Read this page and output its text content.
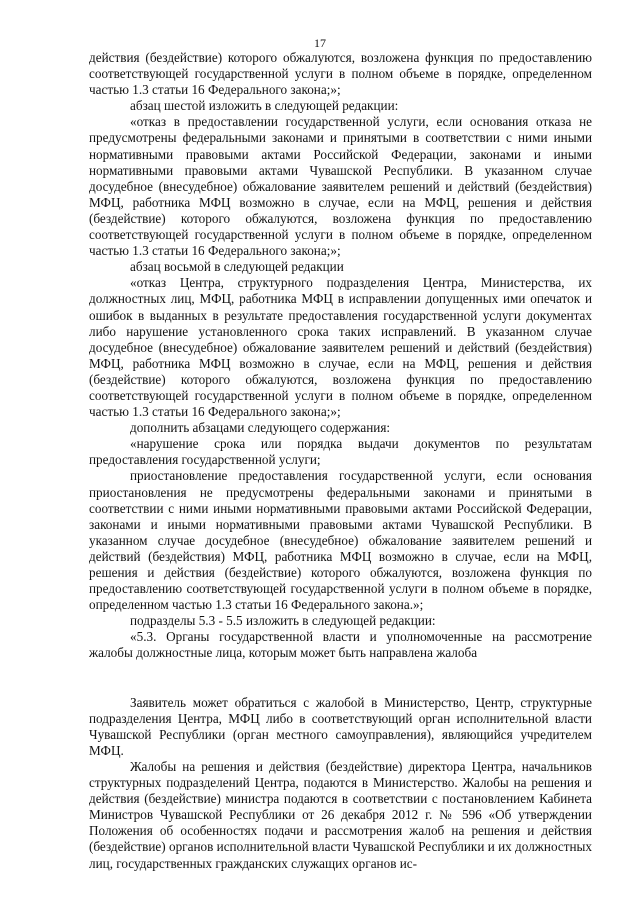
17

действия (бездействие) которого обжалуются, возложена функция по предоставлению соответствующей государственной услуги в полном объеме в порядке, определенном частью 1.3 статьи 16 Федерального закона;»;

абзац шестой изложить в следующей редакции:

«отказ в предоставлении государственной услуги, если основания отказа не предусмотрены федеральными законами и принятыми в соответствии с ними иными нормативными правовыми актами Российской Федерации, законами и иными нормативными правовыми актами Чувашской Республики. В указанном случае досудебное (внесудебное) обжалование заявителем решений и действий (бездействия) МФЦ, работника МФЦ возможно в случае, если на МФЦ, решения и действия (бездействие) которого обжалуются, возложена функция по предоставлению соответствующей государственной услуги в полном объеме в порядке, определенном частью 1.3 статьи 16 Федерального закона;»;

абзац восьмой в следующей редакции

«отказ Центра, структурного подразделения Центра, Министерства, их должностных лиц, МФЦ, работника МФЦ в исправлении допущенных ими опечаток и ошибок в выданных в результате предоставления государственной услуги документах либо нарушение установленного срока таких исправлений. В указанном случае досудебное (внесудебное) обжалование заявителем решений и действий (бездействия) МФЦ, работника МФЦ возможно в случае, если на МФЦ, решения и действия (бездействие) которого обжалуются, возложена функция по предоставлению соответствующей государственной услуги в полном объеме в порядке, определенном частью 1.3 статьи 16 Федерального закона;»;

дополнить абзацами следующего содержания:

«нарушение срока или порядка выдачи документов по результатам предоставления государственной услуги;

приостановление предоставления государственной услуги, если основания приостановления не предусмотрены федеральными законами и принятыми в соответствии с ними иными нормативными правовыми актами Российской Федерации, законами и иными нормативными правовыми актами Чувашской Республики. В указанном случае досудебное (внесудебное) обжалование заявителем решений и действий (бездействия) МФЦ, работника МФЦ возможно в случае, если на МФЦ, решения и действия (бездействие) которого обжалуются, возложена функция по предоставлению соответствующей государственной услуги в полном объеме в порядке, определенном частью 1.3 статьи 16 Федерального закона.»;

подразделы 5.3 - 5.5 изложить в следующей редакции:

«5.3. Органы государственной власти и уполномоченные на рассмотрение жалобы должностные лица, которым может быть направлена жалоба

Заявитель может обратиться с жалобой в Министерство, Центр, структурные подразделения Центра, МФЦ либо в соответствующий орган исполнительной власти Чувашской Республики (орган местного самоуправления), являющийся учредителем МФЦ.

Жалобы на решения и действия (бездействие) директора Центра, начальников структурных подразделений Центра, подаются в Министерство. Жалобы на решения и действия (бездействие) министра подаются в соответствии с постановлением Кабинета Министров Чувашской Республики от 26 декабря 2012 г. № 596 «Об утверждении Положения об особенностях подачи и рассмотрения жалоб на решения и действия (бездействие) органов исполнительной власти Чувашской Республики и их должностных лиц, государственных гражданских служащих органов ис-
